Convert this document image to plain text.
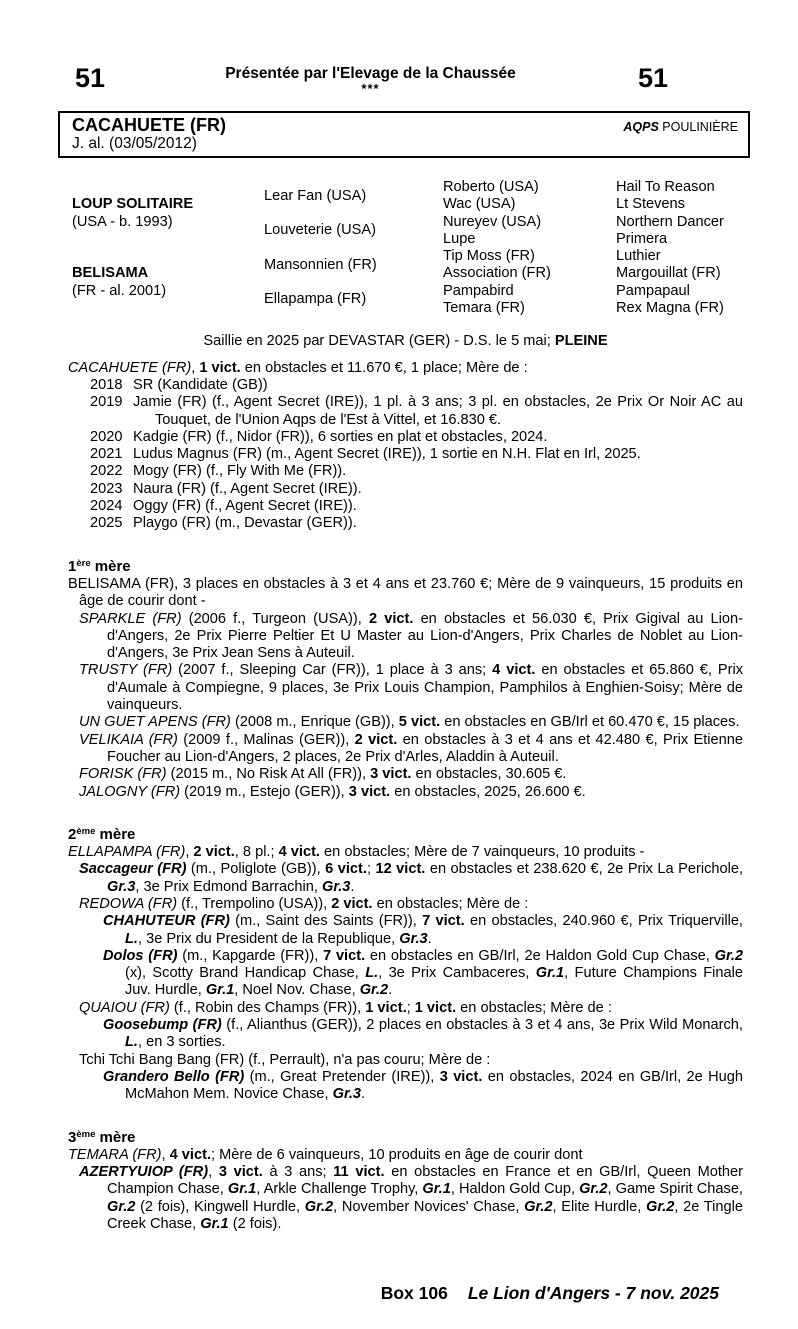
51	Présentée par l'Elevage de la Chaussée
***	51
CACAHUETE (FR)
J. al. (03/05/2012)
AQPS POULINIÈRE
LOUP SOLITAIRE
(USA - b. 1993)
BELISAMA
(FR - al. 2001)
Lear Fan (USA)
Louveterie (USA)
Mansonnien (FR)
Ellapampa (FR)
Roberto (USA)
Wac (USA)
Nureyev (USA)
Lupe
Tip Moss (FR)
Association (FR)
Pampabird
Temara (FR)
Hail To Reason
Lt Stevens
Northern Dancer
Primera
Luthier
Margouillat (FR)
Pampapaul
Rex Magna (FR)

Saillie en 2025 par DEVASTAR (GER) - D.S. le 5 mai; PLEINE

CACAHUETE (FR), 1 vict. en obstacles et 11.670 €, 1 place; Mère de :

2018 SR (Kandidate (GB))
2019 Jamie (FR) (f., Agent Secret (IRE)), 1 pl. à 3 ans; 3 pl. en obstacles, 2e Prix Or Noir AC au Touquet, de l'Union Aqps de l'Est à Vittel, et 16.830 €.
2020 Kadgie (FR) (f., Nidor (FR)), 6 sorties en plat et obstacles, 2024.
2021 Ludus Magnus (FR) (m., Agent Secret (IRE)), 1 sortie en N.H. Flat en Irl, 2025.
2022 Mogy (FR) (f., Fly With Me (FR)).
2023 Naura (FR) (f., Agent Secret (IRE)).
2024 Oggy (FR) (f., Agent Secret (IRE)).
2025 Playgo (FR) (m., Devastar (GER)).
1ère mère

BELISAMA (FR), 3 places en obstacles à 3 et 4 ans et 23.760 €; Mère de 9 vainqueurs, 15 produits en âge de courir dont -

SPARKLE (FR) (2006 f., Turgeon (USA)), 2 vict. en obstacles et 56.030 €, Prix Gigival au Lion-d'Angers, 2e Prix Pierre Peltier Et U Master au Lion-d'Angers, Prix Charles de Noblet au Lion-d'Angers, 3e Prix Jean Sens à Auteuil.

TRUSTY (FR) (2007 f., Sleeping Car (FR)), 1 place à 3 ans; 4 vict. en obstacles et 65.860 €, Prix d'Aumale à Compiegne, 9 places, 3e Prix Louis Champion, Pamphilos à Enghien-Soisy; Mère de vainqueurs.

UN GUET APENS (FR) (2008 m., Enrique (GB)), 5 vict. en obstacles en GB/Irl et 60.470 €, 15 places.

VELIKAIA (FR) (2009 f., Malinas (GER)), 2 vict. en obstacles à 3 et 4 ans et 42.480 €, Prix Etienne Foucher au Lion-d'Angers, 2 places, 2e Prix d'Arles, Aladdin à Auteuil.

FORISK (FR) (2015 m., No Risk At All (FR)), 3 vict. en obstacles, 30.605 €.

JALOGNY (FR) (2019 m., Estejo (GER)), 3 vict. en obstacles, 2025, 26.600 €.

2ème mère

ELLAPAMPA (FR), 2 vict., 8 pl.; 4 vict. en obstacles; Mère de 7 vainqueurs, 10 produits -

Saccageur (FR) (m., Poliglote (GB)), 6 vict.; 12 vict. en obstacles et 238.620 €, 2e Prix La Perichole, Gr.3, 3e Prix Edmond Barrachin, Gr.3.

REDOWA (FR) (f., Trempolino (USA)), 2 vict. en obstacles; Mère de :

CHAHUTEUR (FR) (m., Saint des Saints (FR)), 7 vict. en obstacles, 240.960 €, Prix Triquerville, L., 3e Prix du President de la Republique, Gr.3.

Dolos (FR) (m., Kapgarde (FR)), 7 vict. en obstacles en GB/Irl, 2e Haldon Gold Cup Chase, Gr.2 (x), Scotty Brand Handicap Chase, L., 3e Prix Cambaceres, Gr.1, Future Champions Finale Juv. Hurdle, Gr.1, Noel Nov. Chase, Gr.2.

QUAIOU (FR) (f., Robin des Champs (FR)), 1 vict.; 1 vict. en obstacles; Mère de :

Goosebump (FR) (f., Alianthus (GER)), 2 places en obstacles à 3 et 4 ans, 3e Prix Wild Monarch, L., en 3 sorties.

Tchi Tchi Bang Bang (FR) (f., Perrault), n'a pas couru; Mère de :

Grandero Bello (FR) (m., Great Pretender (IRE)), 3 vict. en obstacles, 2024 en GB/Irl, 2e Hugh McMahon Mem. Novice Chase, Gr.3.

3ème mère

TEMARA (FR), 4 vict.; Mère de 6 vainqueurs, 10 produits en âge de courir dont

AZERTYUIOP (FR), 3 vict. à 3 ans; 11 vict. en obstacles en France et en GB/Irl, Queen Mother Champion Chase, Gr.1, Arkle Challenge Trophy, Gr.1, Haldon Gold Cup, Gr.2, Game Spirit Chase, Gr.2 (2 fois), Kingwell Hurdle, Gr.2, November Novices' Chase, Gr.2, Elite Hurdle, Gr.2, 2e Tingle Creek Chase, Gr.1 (2 fois).

Box 106 Le Lion d'Angers - 7 nov. 2025
